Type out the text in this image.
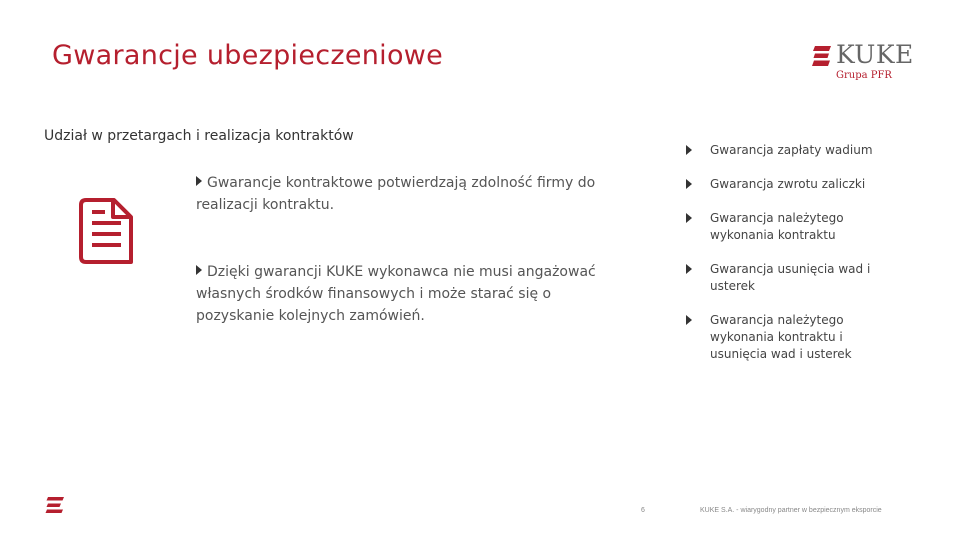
Gwarancje ubezpieczeniowe	KUKE
Grupa PFR
Udział w przetargach i realizacja kontraktów
Gwarancje kontraktowe potwierdzają zdolność firmy do realizacji kontraktu.
Dzięki gwarancji KUKE wykonawca nie musi angażować własnych środków finansowych i może starać się o pozyskanie kolejnych zamówień.
Gwarancja zapłaty wadium
Gwarancja zwrotu zaliczki
Gwarancja należytego wykonania kontraktu
Gwarancja usunięcia wad i usterek
Gwarancja należytego wykonania kontraktu i usunięcia wad i usterek
6	KUKE S.A. - wiarygodny partner w bezpiecznym eksporcie
